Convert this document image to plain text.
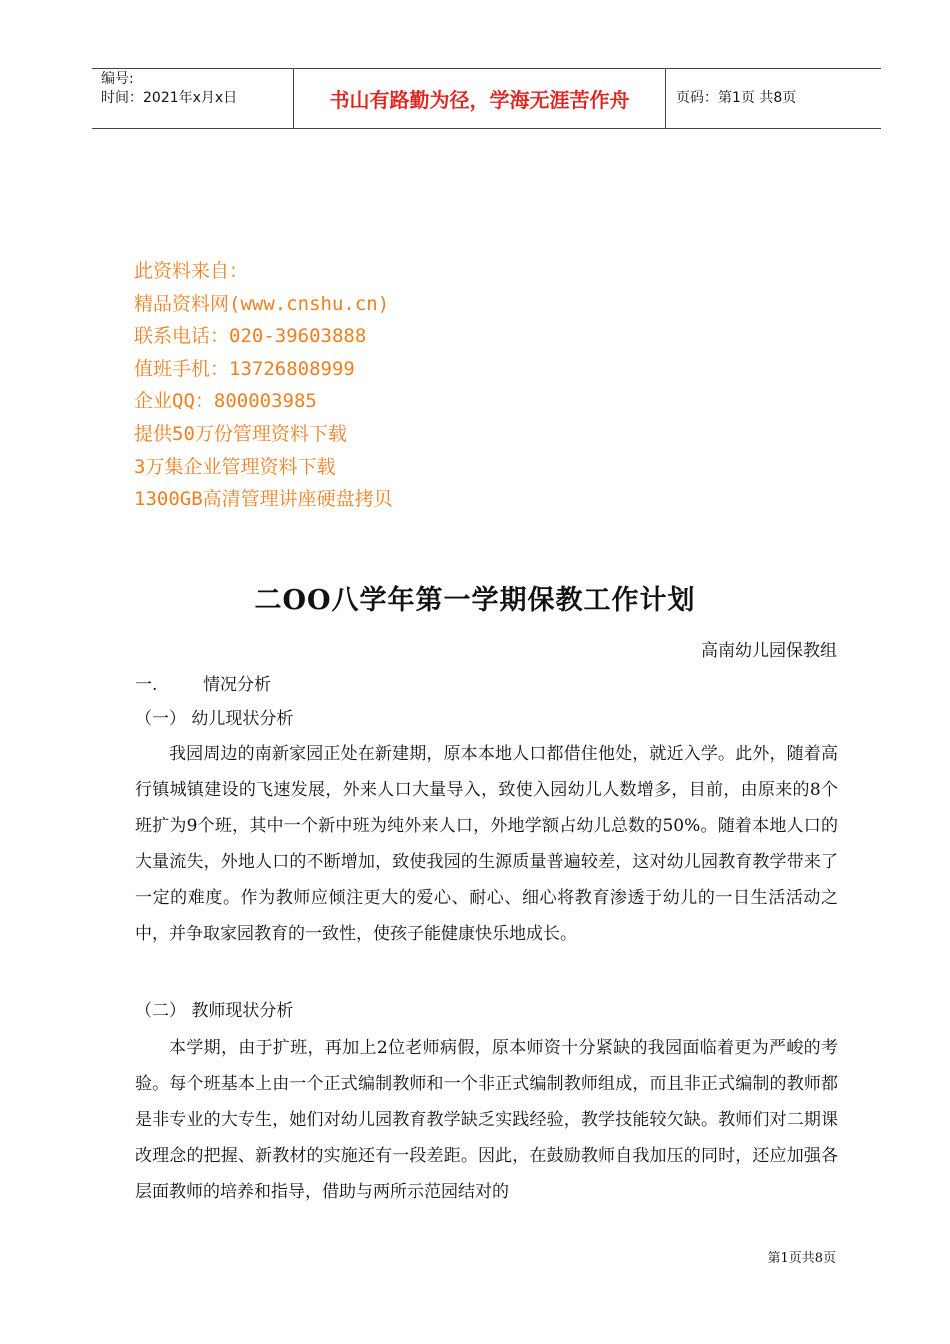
编号:
时间：2021年x月x日	书山有路勤为径，学海无涯苦作舟	页码：第1页 共8页
此资料来自：
精品资料网(www.cnshu.cn)
联系电话：020-39603888
值班手机：13726808999
企业QQ：800003985
提供50万份管理资料下载
3万集企业管理资料下载
1300GB高清管理讲座硬盘拷贝
二OO八学年第一学期保教工作计划
高南幼儿园保教组
一.	情况分析
（一） 幼儿现状分析
我园周边的南新家园正处在新建期，原本本地人口都借住他处，就近入学。此外，随着高行镇城镇建设的飞速发展，外来人口大量导入，致使入园幼儿人数增多，目前，由原来的8个班扩为9个班，其中一个新中班为纯外来人口，外地学额占幼儿总数的50%。随着本地人口的大量流失，外地人口的不断增加，致使我园的生源质量普遍较差，这对幼儿园教育教学带来了一定的难度。作为教师应倾注更大的爱心、耐心、细心将教育渗透于幼儿的一日生活活动之中，并争取家园教育的一致性，使孩子能健康快乐地成长。
（二） 教师现状分析
本学期，由于扩班，再加上2位老师病假，原本师资十分紧缺的我园面临着更为严峻的考验。每个班基本上由一个正式编制教师和一个非正式编制教师组成，而且非正式编制的教师都是非专业的大专生，她们对幼儿园教育教学缺乏实践经验，教学技能较欠缺。教师们对二期课改理念的把握、新教材的实施还有一段差距。因此，在鼓励教师自我加压的同时，还应加强各层面教师的培养和指导，借助与两所示范园结对的
第1页共8页
